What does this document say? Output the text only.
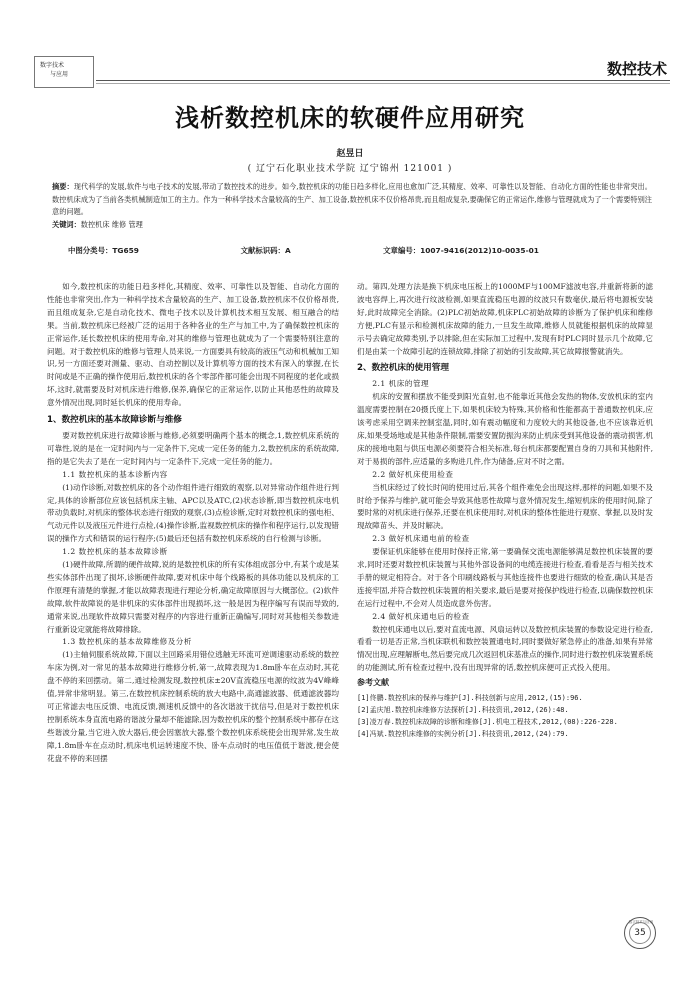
数字技术
与应用	数控技术
浅析数控机床的软硬件应用研究
赵昱日
( 辽宁石化职业技术学院 辽宁锦州 121001 )
摘要：现代科学的发展,软件与电子技术的发展,带动了数控技术的进步。如今,数控机床的功能日趋多样化,应用也愈加广泛,其精度、效率、可靠性以及智能、自动化方面的性能也非常突出。数控机床成为了当前各类机械制造加工的主力。作为一种科学技术含量较高的生产、加工设备,数控机床不仅价格昂贵,而且组成复杂,要确保它的正常运作,维修与管理就成为了一个需要特别注意的问题。
关键词：数控机床 维修 管理
中图分类号：TG659	文献标识码：A	文章编号：1007-9416(2012)10-0035-01

如今,数控机床的功能日趋多样化,其精度、效率、可靠性以及智能、自动化方面的性能也非常突出,作为一种科学技术含量较高的生产、加工设备,数控机床不仅价格昂贵,而且组成复杂,它是自动化技术、微电子技术以及计算机技术相互发展、相互融合的结果。当前,数控机床已经被广泛的运用于各种各业的生产与加工中,为了确保数控机床的正常运作,延长数控机床的使用寿命,对其的维修与管理也就成为了一个需要特别注意的问题。对于数控机床的维修与管理人员来说,一方面要具有较高的液压气动和机械加工知识,另一方面还要对测量、驱动、自动控制以及计算机等方面的技术有深入的掌握,在长时间或是不正确的操作使用后,数控机床的各个零部件都可能会出现不同程度的老化或损坏,这时,就需要及时对机床进行维修,保养,确保它的正常运作,以防止其他恶性的故障及意外情况出现,同时延长机床的使用寿命。

1、数控机床的基本故障诊断与维修

要对数控机床进行故障诊断与维修,必须要明确两个基本的概念,1,数控机床系统的可靠性,说的是在一定时间内与一定条件下,完成一定任务的能力,2,数控机床的系统故障,指的是它失去了是在一定时间内与一定条件下,完成一定任务的能力。

1.1 数控机床的基本诊断内容

(1)动作诊断,对数控机床的各个动作组件进行细致的观察,以对异常动作组件进行判定,具体的诊断部位应该包括机床主轴、APC以及ATC,(2)状态诊断,即当数控机床电机带动负载时,对机床的整体状态进行细致的观察,(3)点检诊断,定时对数控机床的强电柜、气动元件以及液压元件进行点检,(4)操作诊断,监视数控机床的操作和程序运行,以发现错误的操作方式和错误的运行程序;(5)最后还包括有数控机床系统的自行检测与诊断。

1.2 数控机床的基本故障诊断

(1)硬件故障,所谓的硬件故障,说的是数控机床的所有实体组成部分中,有某个或是某些实体部件出现了损坏,诊断硬件故障,要对机床中每个线路板的具体功能以及机床的工作原理有清楚的掌握,才能以故障表现进行理论分析,确定故障原因与大概部位。(2)软件故障,软件故障说的是非机床的实体部件出现损坏,这一般是因为程序编写有误而导致的,通常来说,出现软件故障只需要对程序的内容进行重新正确编写,同时对其他相关参数进行重新设定就能将故障排除。

1.3 数控机床的基本故障维修及分析

(1)主轴伺服系统故障,下面以主回路采用错位逃触无环流可逆调速驱动系统的数控车床为例,对一常见的基本故障进行维修分析,第一,故障表现为1.8m卧车在点动时,其花盘不停的来回摆动。第二,通过检测发现,数控机床±20V直流稳压电源的纹波为4V峰峰值,异常非常明显。第三,在数控机床控制系统的放大电路中,高通滤波器、低通滤波器均可正常滤去电压反馈、电流反馈,测速机反馈中的各次谐波干扰信号,但是对于数控机床控制系统本身直流电路的谐波分量却不能滤除,因为数控机床的整个控制系统中都存在这些谐波分量,当它进入放大器后,使会因塞放大器,整个数控机床系统使会出现异常,发生故障,1.8m卧车在点动时,机床电机运转速度不快、卧车点动时的电压值低于谐波,便会使花盘不停的来回摆

动。第四,处理方法是换下机床电压板上的1000MF与100MF滤波电容,并重新将新的滤波电容焊上,再次进行纹波检测,如果直流稳压电源的纹波只有数毫伏,最后将电源板安装好,此时故障完全消除。(2)PLC初始故障,机床PLC初始故障的诊断为了保护机床和维修方便,PLC有显示和检测机床故障的能力,一旦发生故障,维修人员就能根据机床的故障显示号去确定故障类别,予以排除,但在实际加工过程中,发现有时PLC同时显示几个故障,它们是由某一个故障引起的连锁故障,排除了初始的引发故障,其它故障报警就消失。

2、数控机床的使用管理
2.1 机床的管理

机床的安置和摆放不能受到阳光直射,也不能靠近其他会发热的物体,安放机床的室内温度需要控制在20摄氏度上下,如果机床较为特殊,其价格和性能都高于普通数控机床,应该考虑采用空调来控制室温,同时,如有震动幅度和力度较大的其他设备,也不应该靠近机床,如果受场地或是其他条件限制,需要安置防振沟来防止机床受到其他设备的震动损害,机床的接地电阻与供压电源必须要符合相关标准,每台机床都要配置自身的刀具和其他附件,对于易损的部件,应适量的多购进几件,作为储备,应对不时之需。

2.2 做好机床使用检查

当机床经过了较长时间的使用过后,其各个组件难免会出现这样,那样的问题,如果不及时给予保养与维护,就可能会导致其他恶性故障与意外情况发生,缩短机床的使用时间,除了要时常的对机床进行保养,还要在机床使用时,对机床的整体性能进行观察、掌握,以及时发现故障苗头、并及时解决。

2.3 做好机床通电前的检查

要保证机床能够在使用时保持正常,第一要确保交流电源能够满足数控机床装置的要求,同时还要对数控机床装置与其他外部设备间的电缆连接进行检查,看看是否与相关技术手册的规定相符合。对于各个印刷线路板与其他连接件也要进行细致的检查,确认其是否连接牢固,并符合数控机床装置的相关要求,最后是要对接保护线进行检查,以确保数控机床在运行过程中,不会对人员造成意外伤害。

2.4 做好机床通电后的检查

数控机床通电以后,要对直流电源、风扇运转以及数控机床装置的参数设定进行检查,看看一切是否正常,当机床联机和数控装置通电时,同时要做好紧急停止的准备,如果有异常情况出现,应理解断电,然后要完成几次返回机床基准点的操作,同时进行数控机床装置系统的功能测试,所有检查过程中,没有出现异常的话,数控机床便可正式投入使用。

参考文献
[1]佟鹏.数控机床的保养与维护[J].科技创新与应用,2012,(15):96.
[2]孟庆旭.数控机床维修方法探析[J].科技资讯,2012,(26):48.
[3]凌万春.数控机床故障的诊断和维修[J].机电工程技术,2012,(08):226-228.
[4]冯斌.数控机床维修的实例分析[J].科技资讯,2012,(24):79.
数字技术与应用
35
